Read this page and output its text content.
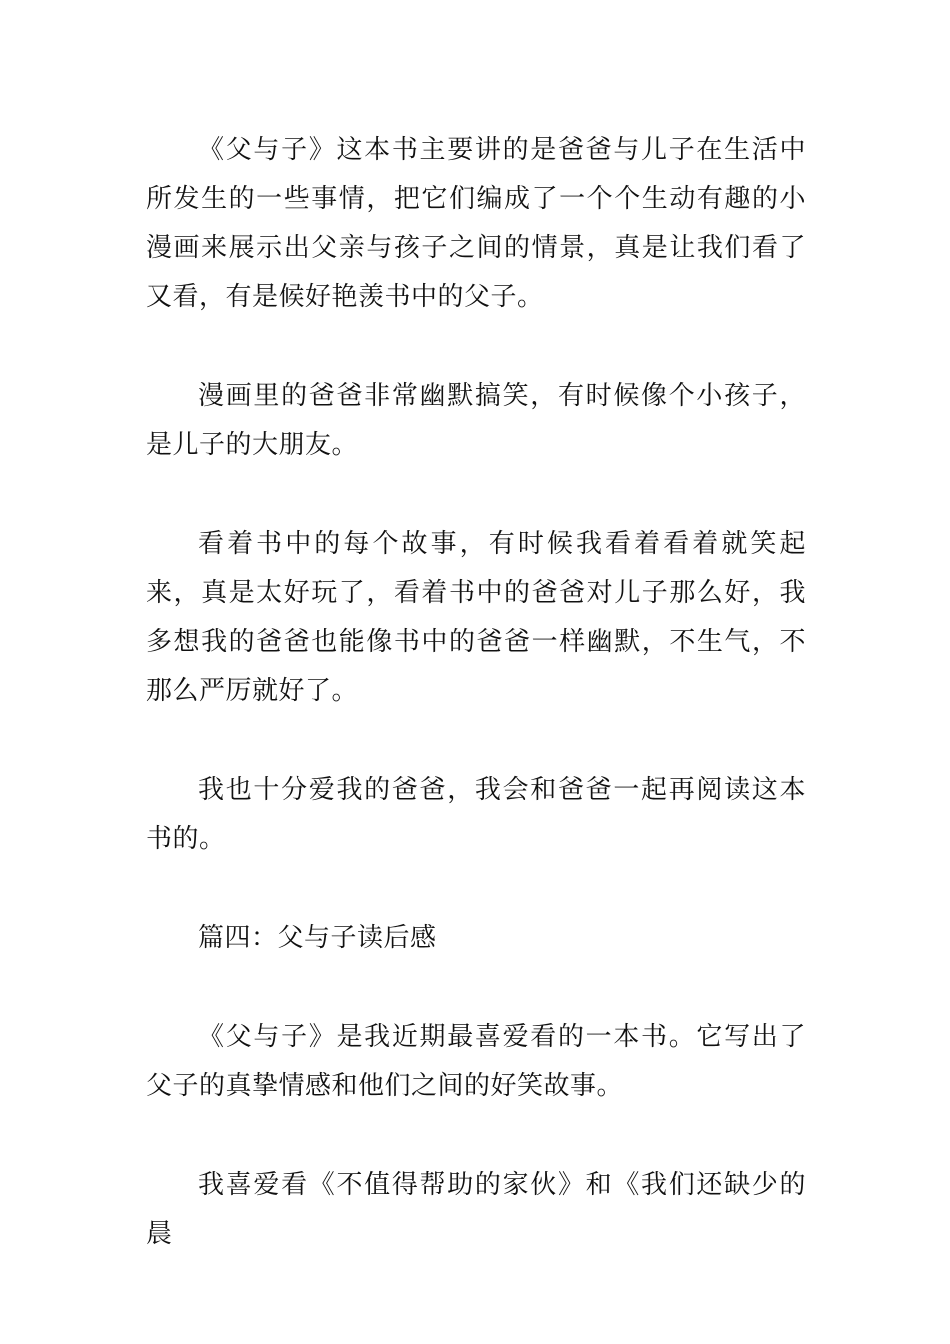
《父与子》这本书主要讲的是爸爸与儿子在生活中所发生的一些事情，把它们编成了一个个生动有趣的小漫画来展示出父亲与孩子之间的情景，真是让我们看了又看，有是候好艳羡书中的父子。

漫画里的爸爸非常幽默搞笑，有时候像个小孩子，是儿子的大朋友。

看着书中的每个故事，有时候我看着看着就笑起来，真是太好玩了，看着书中的爸爸对儿子那么好，我多想我的爸爸也能像书中的爸爸一样幽默，不生气，不那么严厉就好了。

我也十分爱我的爸爸，我会和爸爸一起再阅读这本书的。

篇四：父与子读后感

《父与子》是我近期最喜爱看的一本书。它写出了父子的真挚情感和他们之间的好笑故事。

我喜爱看《不值得帮助的家伙》和《我们还缺少的晨
